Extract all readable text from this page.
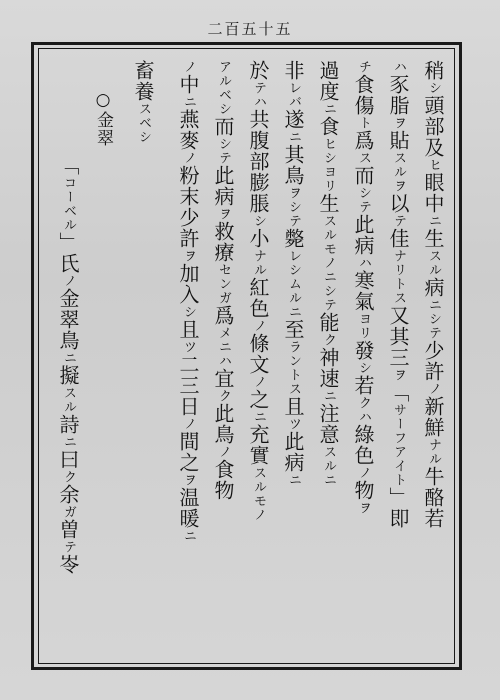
二百五十五
稍シ頭部及ヒ眼中ニ生スル病ニシテ少許ノ新鮮ナル牛酪若
ハ豕脂ヲ貼スルヲ以テ佳ナリトス又其三ヲ「サーフアイト」即
チ食傷ト爲ス而シテ此病ハ寒氣ヨリ發シ若クハ綠色ノ物ヲ
過度ニ食ヒシヨリ生スルモノニシテ能ク神速ニ注意スルニ
非レバ遂ニ其鳥ヲシテ斃レシムルニ至ラントス且ツ此病ニ
於テハ共腹部膨脹シ小ナル紅色ノ條文ノ之ニ充實スルモノ
アルベシ而シテ此病ヲ救療センガ爲メニハ宜ク此鳥ノ食物
ノ中ニ燕麥ノ粉末少許ヲ加入シ且ツ二三日ノ間之ヲ温暖ニ
畜養スベシ
○金翠
「コーベル」氏ノ金翠鳥ニ擬スル詩ニ曰ク余ガ曽テ岺
